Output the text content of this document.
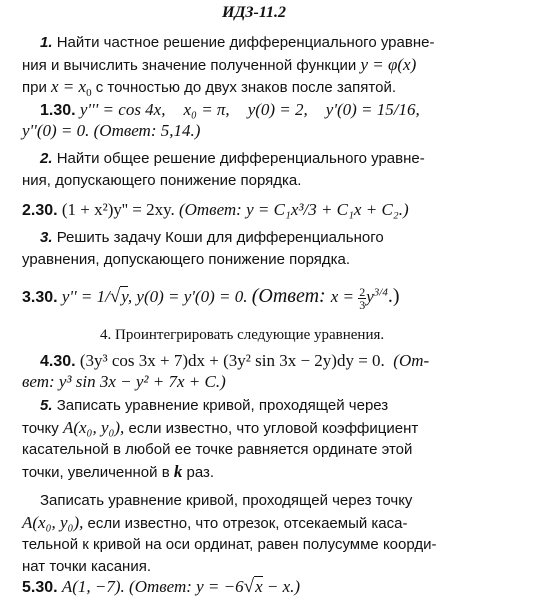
ИДЗ-11.2
1. Найти частное решение дифференциального уравне-
ния и вычислить значение полученной функции y = φ(x)
при $x = x_0$ с точностью до двух знаков после запятой.
1.30. y''' = cos 4x, x₀ = π, y(0) = 2, y'(0) = 15/16,
y''(0) = 0. (Ответ: 5,14.)
2. Найти общее решение дифференциального уравне-
ния, допускающего понижение порядка.
2.30. (1 + x²)y'' = 2xy. (Ответ: y = C₁x³/3 + C₁x + C₂.)
3. Решить задачу Коши для дифференциального
уравнения, допускающего понижение порядка.
3.30. y'' = 1/√y, y(0) = y'(0) = 0. (Ответ: $x = \frac{2}{3} y^{3/4}$.)
4. Проинтегрировать следующие уравнения.
4.30. (3y³ cos 3x + 7)dx + (3y² sin 3x − 2y)dy = 0. (От-
вет: y³ sin 3x − y² + 7x + C.)
5. Записать уравнение кривой, проходящей через
точку A(x₀, y₀), если известно, что угловой коэффициент
касательной в любой ее точке равняется ординате этой
точки, увеличенной в k раз.
Записать уравнение кривой, проходящей через точку
A(x₀, y₀), если известно, что отрезок, отсекаемый каса-
тельной к кривой на оси ординат, равен полусумме коорди-
нат точки касания.
5.30. A(1, −7). (Ответ: y = −6√x − x.)
